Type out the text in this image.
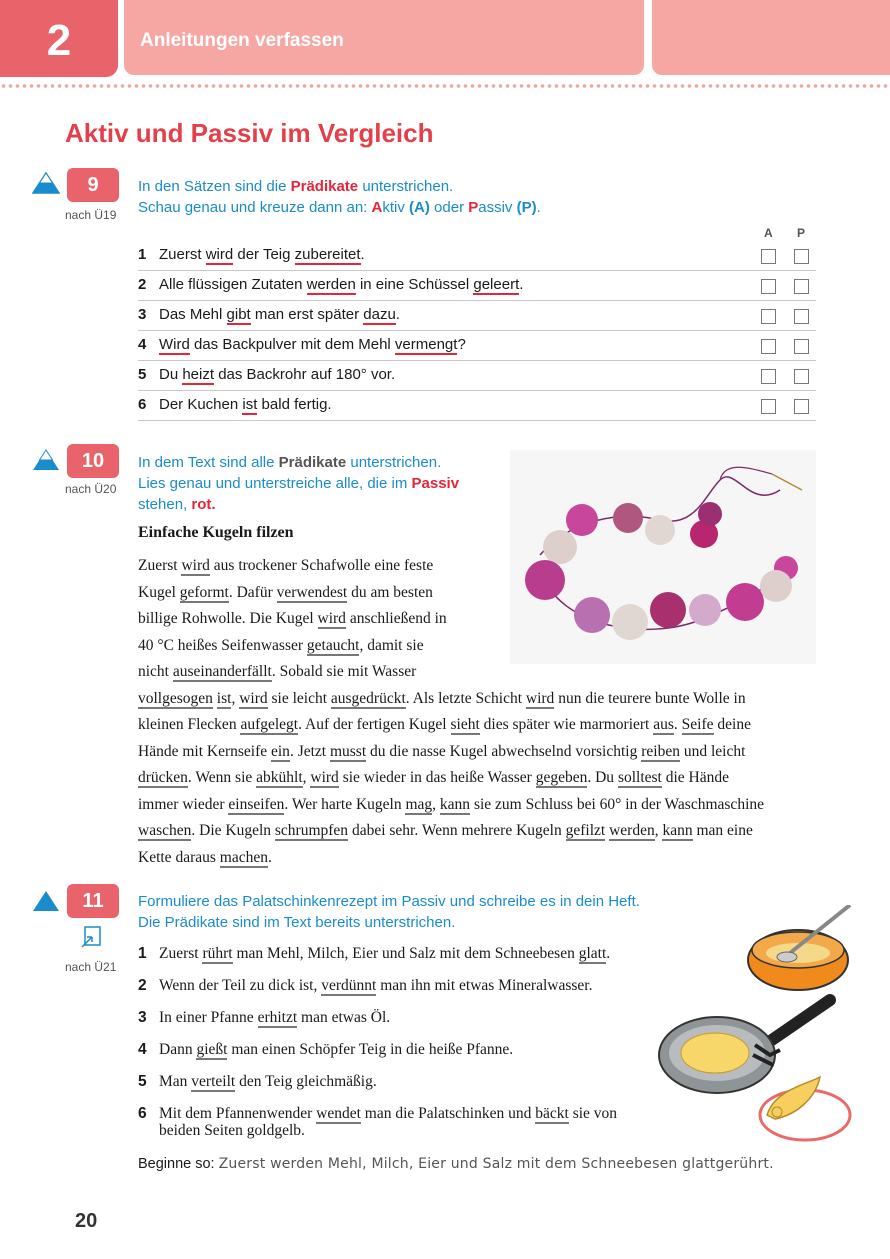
2	Anleitungen verfassen
Aktiv und Passiv im Vergleich
9
nach Ü19
In den Sätzen sind die Prädikate unterstrichen.
Schau genau und kreuze dann an: Aktiv (A) oder Passiv (P).
A P
1 Zuerst wird der Teig zubereitet.
2 Alle flüssigen Zutaten werden in eine Schüssel geleert.
3 Das Mehl gibt man erst später dazu.
4 Wird das Backpulver mit dem Mehl vermengt?
5 Du heizt das Backrohr auf 180° vor.
6 Der Kuchen ist bald fertig.
10
nach Ü20
In dem Text sind alle Prädikate unterstrichen.
Lies genau und unterstreiche alle, die im Passiv
stehen, rot.
Einfache Kugeln filzen
Zuerst wird aus trockener Schafwolle eine feste
Kugel geformt. Dafür verwendest du am besten
billige Rohwolle. Die Kugel wird anschließend in
40 °C heißes Seifenwasser getaucht, damit sie
nicht auseinanderfällt. Sobald sie mit Wasser
vollgesogen ist, wird sie leicht ausgedrückt. Als letzte Schicht wird nun die teurere bunte Wolle in
kleinen Flecken aufgelegt. Auf der fertigen Kugel sieht dies später wie marmoriert aus. Seife deine
Hände mit Kernseife ein. Jetzt musst du die nasse Kugel abwechselnd vorsichtig reiben und leicht
drücken. Wenn sie abkühlt, wird sie wieder in das heiße Wasser gegeben. Du solltest die Hände
immer wieder einseifen. Wer harte Kugeln mag, kann sie zum Schluss bei 60° in der Waschmaschine
waschen. Die Kugeln schrumpfen dabei sehr. Wenn mehrere Kugeln gefilzt werden, kann man eine
Kette daraus machen.
11
nach Ü21
Formuliere das Palatschinkenrezept im Passiv und schreibe es in dein Heft.
Die Prädikate sind im Text bereits unterstrichen.
1 Zuerst rührt man Mehl, Milch, Eier und Salz mit dem Schneebesen glatt.
2 Wenn der Teil zu dick ist, verdünnt man ihn mit etwas Mineralwasser.
3 In einer Pfanne erhitzt man etwas Öl.
4 Dann gießt man einen Schöpfer Teig in die heiße Pfanne.
5 Man verteilt den Teig gleichmäßig.
6 Mit dem Pfannenwender wendet man die Palatschinken und bäckt sie von
beiden Seiten goldgelb.
Beginne so: Zuerst werden Mehl, Milch, Eier und Salz mit dem Schneebesen glattgerührt.
20
